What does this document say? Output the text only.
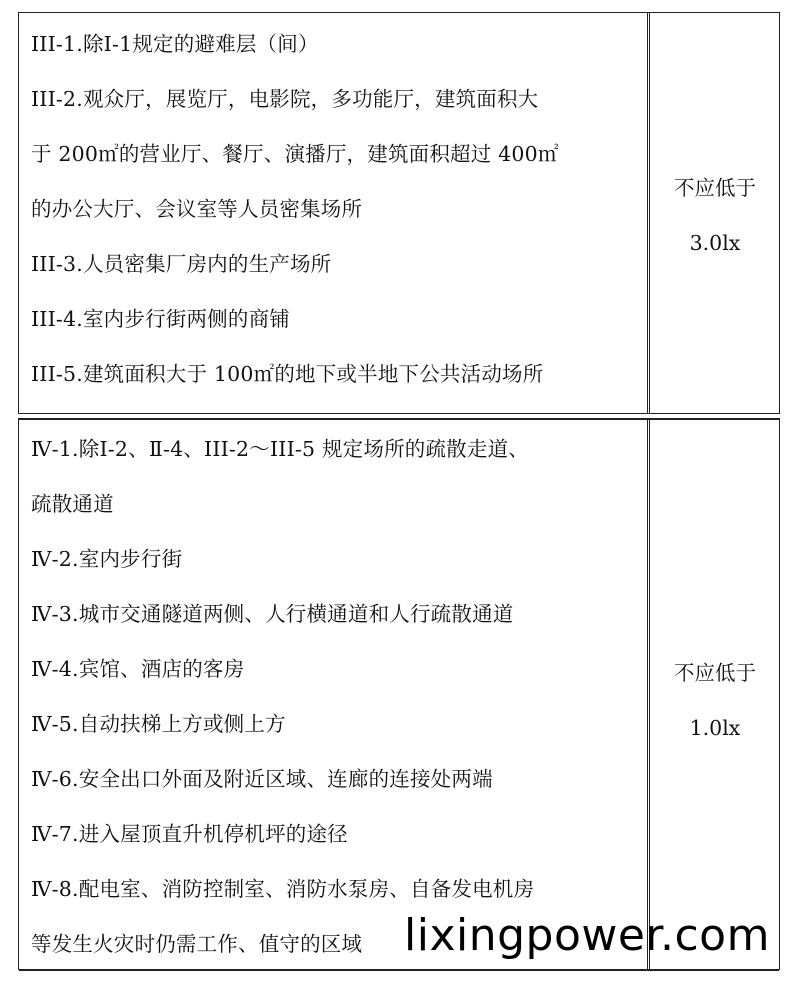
III-1.除Ⅰ-1规定的避难层（间）
III-2.观众厅，展览厅，电影院，多功能厅，建筑面积大
于 200㎡的营业厅、餐厅、演播厅，建筑面积超过 400㎡
的办公大厅、会议室等人员密集场所
III-3.人员密集厂房内的生产场所
III-4.室内步行街两侧的商铺
III-5.建筑面积大于 100㎡的地下或半地下公共活动场所
不应低于
3.0lx
Ⅳ-1.除Ⅰ-2、Ⅱ-4、III-2～III-5 规定场所的疏散走道、
疏散通道
Ⅳ-2.室内步行街
Ⅳ-3.城市交通隧道两侧、人行横通道和人行疏散通道
Ⅳ-4.宾馆、酒店的客房
Ⅳ-5.自动扶梯上方或侧上方
Ⅳ-6.安全出口外面及附近区域、连廊的连接处两端
Ⅳ-7.进入屋顶直升机停机坪的途径
Ⅳ-8.配电室、消防控制室、消防水泵房、自备发电机房
等发生火灾时仍需工作、值守的区域
不应低于
1.0lx
lixingpower.com
